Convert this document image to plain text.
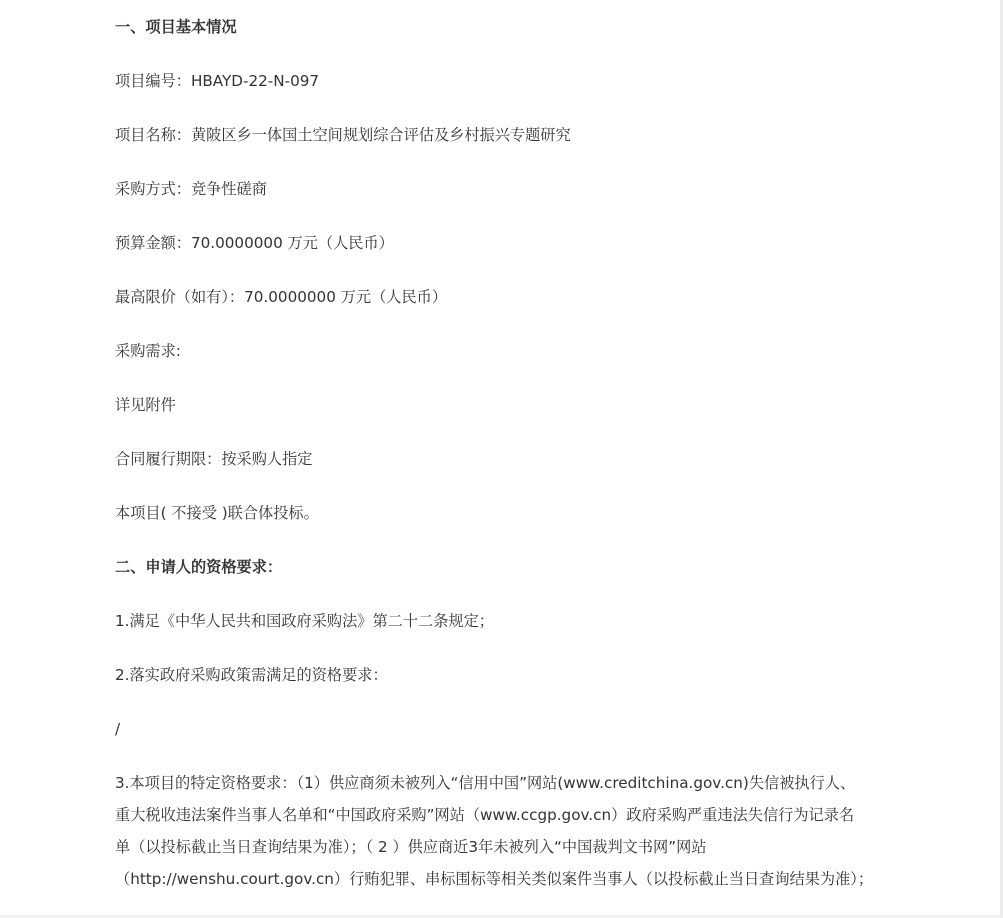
一、项目基本情况
项目编号：HBAYD-22-N-097
项目名称：黄陂区乡一体国土空间规划综合评估及乡村振兴专题研究
采购方式：竞争性磋商
预算金额：70.0000000 万元（人民币）
最高限价（如有）：70.0000000 万元（人民币）
采购需求:
详见附件
合同履行期限：按采购人指定
本项目( 不接受 )联合体投标。
二、申请人的资格要求：
1.满足《中华人民共和国政府采购法》第二十二条规定；
2.落实政府采购政策需满足的资格要求：
/
3.本项目的特定资格要求：（1）供应商须未被列入“信用中国”网站(www.creditchina.gov.cn)失信被执行人、
重大税收违法案件当事人名单和“中国政府采购”网站（www.ccgp.gov.cn）政府采购严重违法失信行为记录名
单（以投标截止当日查询结果为准）；（ 2 ）供应商近3年未被列入“中国裁判文书网”网站
（http://wenshu.court.gov.cn）行贿犯罪、串标围标等相关类似案件当事人（以投标截止当日查询结果为准）；
